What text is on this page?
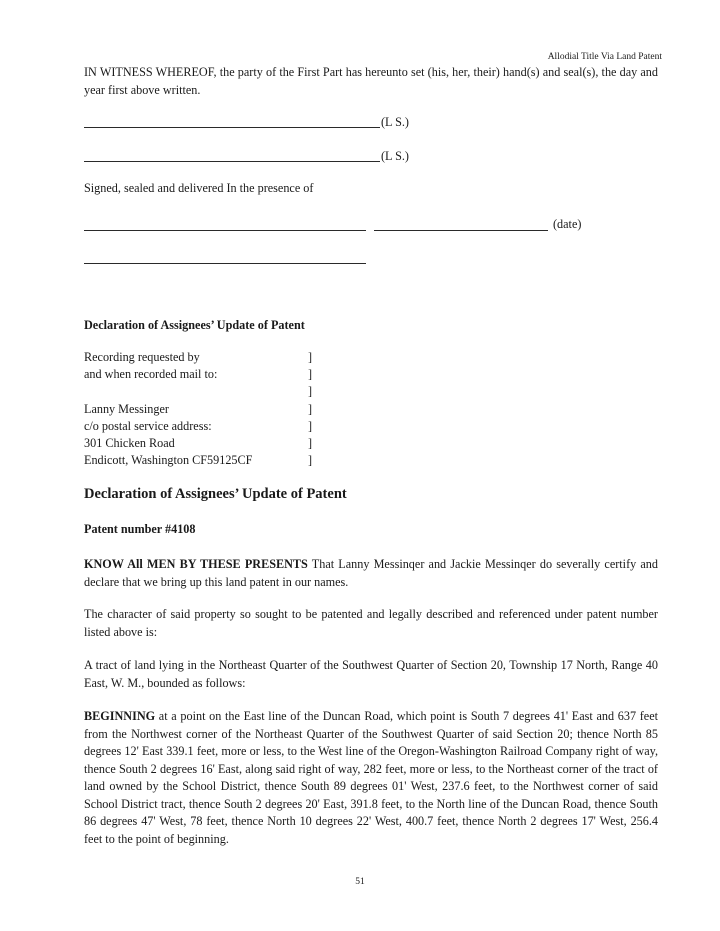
Allodial Title Via Land Patent
IN WITNESS WHEREOF, the party of the First Part has hereunto set (his, her, their) hand(s) and seal(s), the day and year first above written.
(L S.)
(L S.)
Signed, sealed and delivered In the presence of
(date)
Declaration of Assignees’ Update of Patent
Recording requested by
and when recorded mail to:
Lanny Messinger
c/o postal service address:
301 Chicken Road
Endicott, Washington CF59125CF
]
]
]
]
]
]
]
Declaration of Assignees’ Update of Patent
Patent number #4108
KNOW All MEN BY THESE PRESENTS That Lanny Messinqer and Jackie Messinqer do severally certify and declare that we bring up this land patent in our names.
The character of said property so sought to be patented and legally described and referenced under patent number listed above is:
A tract of land lying in the Northeast Quarter of the Southwest Quarter of Section 20, Township 17 North, Range 40 East, W. M., bounded as follows:
BEGINNING at a point on the East line of the Duncan Road, which point is South 7 degrees 41' East and 637 feet from the Northwest corner of the Northeast Quarter of the Southwest Quarter of said Section 20; thence North 85 degrees 12' East 339.1 feet, more or less, to the West line of the Oregon-Washington Railroad Company right of way, thence South 2 degrees 16' East, along said right of way, 282 feet, more or less, to the Northeast corner of the tract of land owned by the School District, thence South 89 degrees 01' West, 237.6 feet, to the Northwest corner of said School District tract, thence South 2 degrees 20' East, 391.8 feet, to the North line of the Duncan Road, thence South 86 degrees 47' West, 78 feet, thence North 10 degrees 22' West, 400.7 feet, thence North 2 degrees 17' West, 256.4 feet to the point of beginning.
51
